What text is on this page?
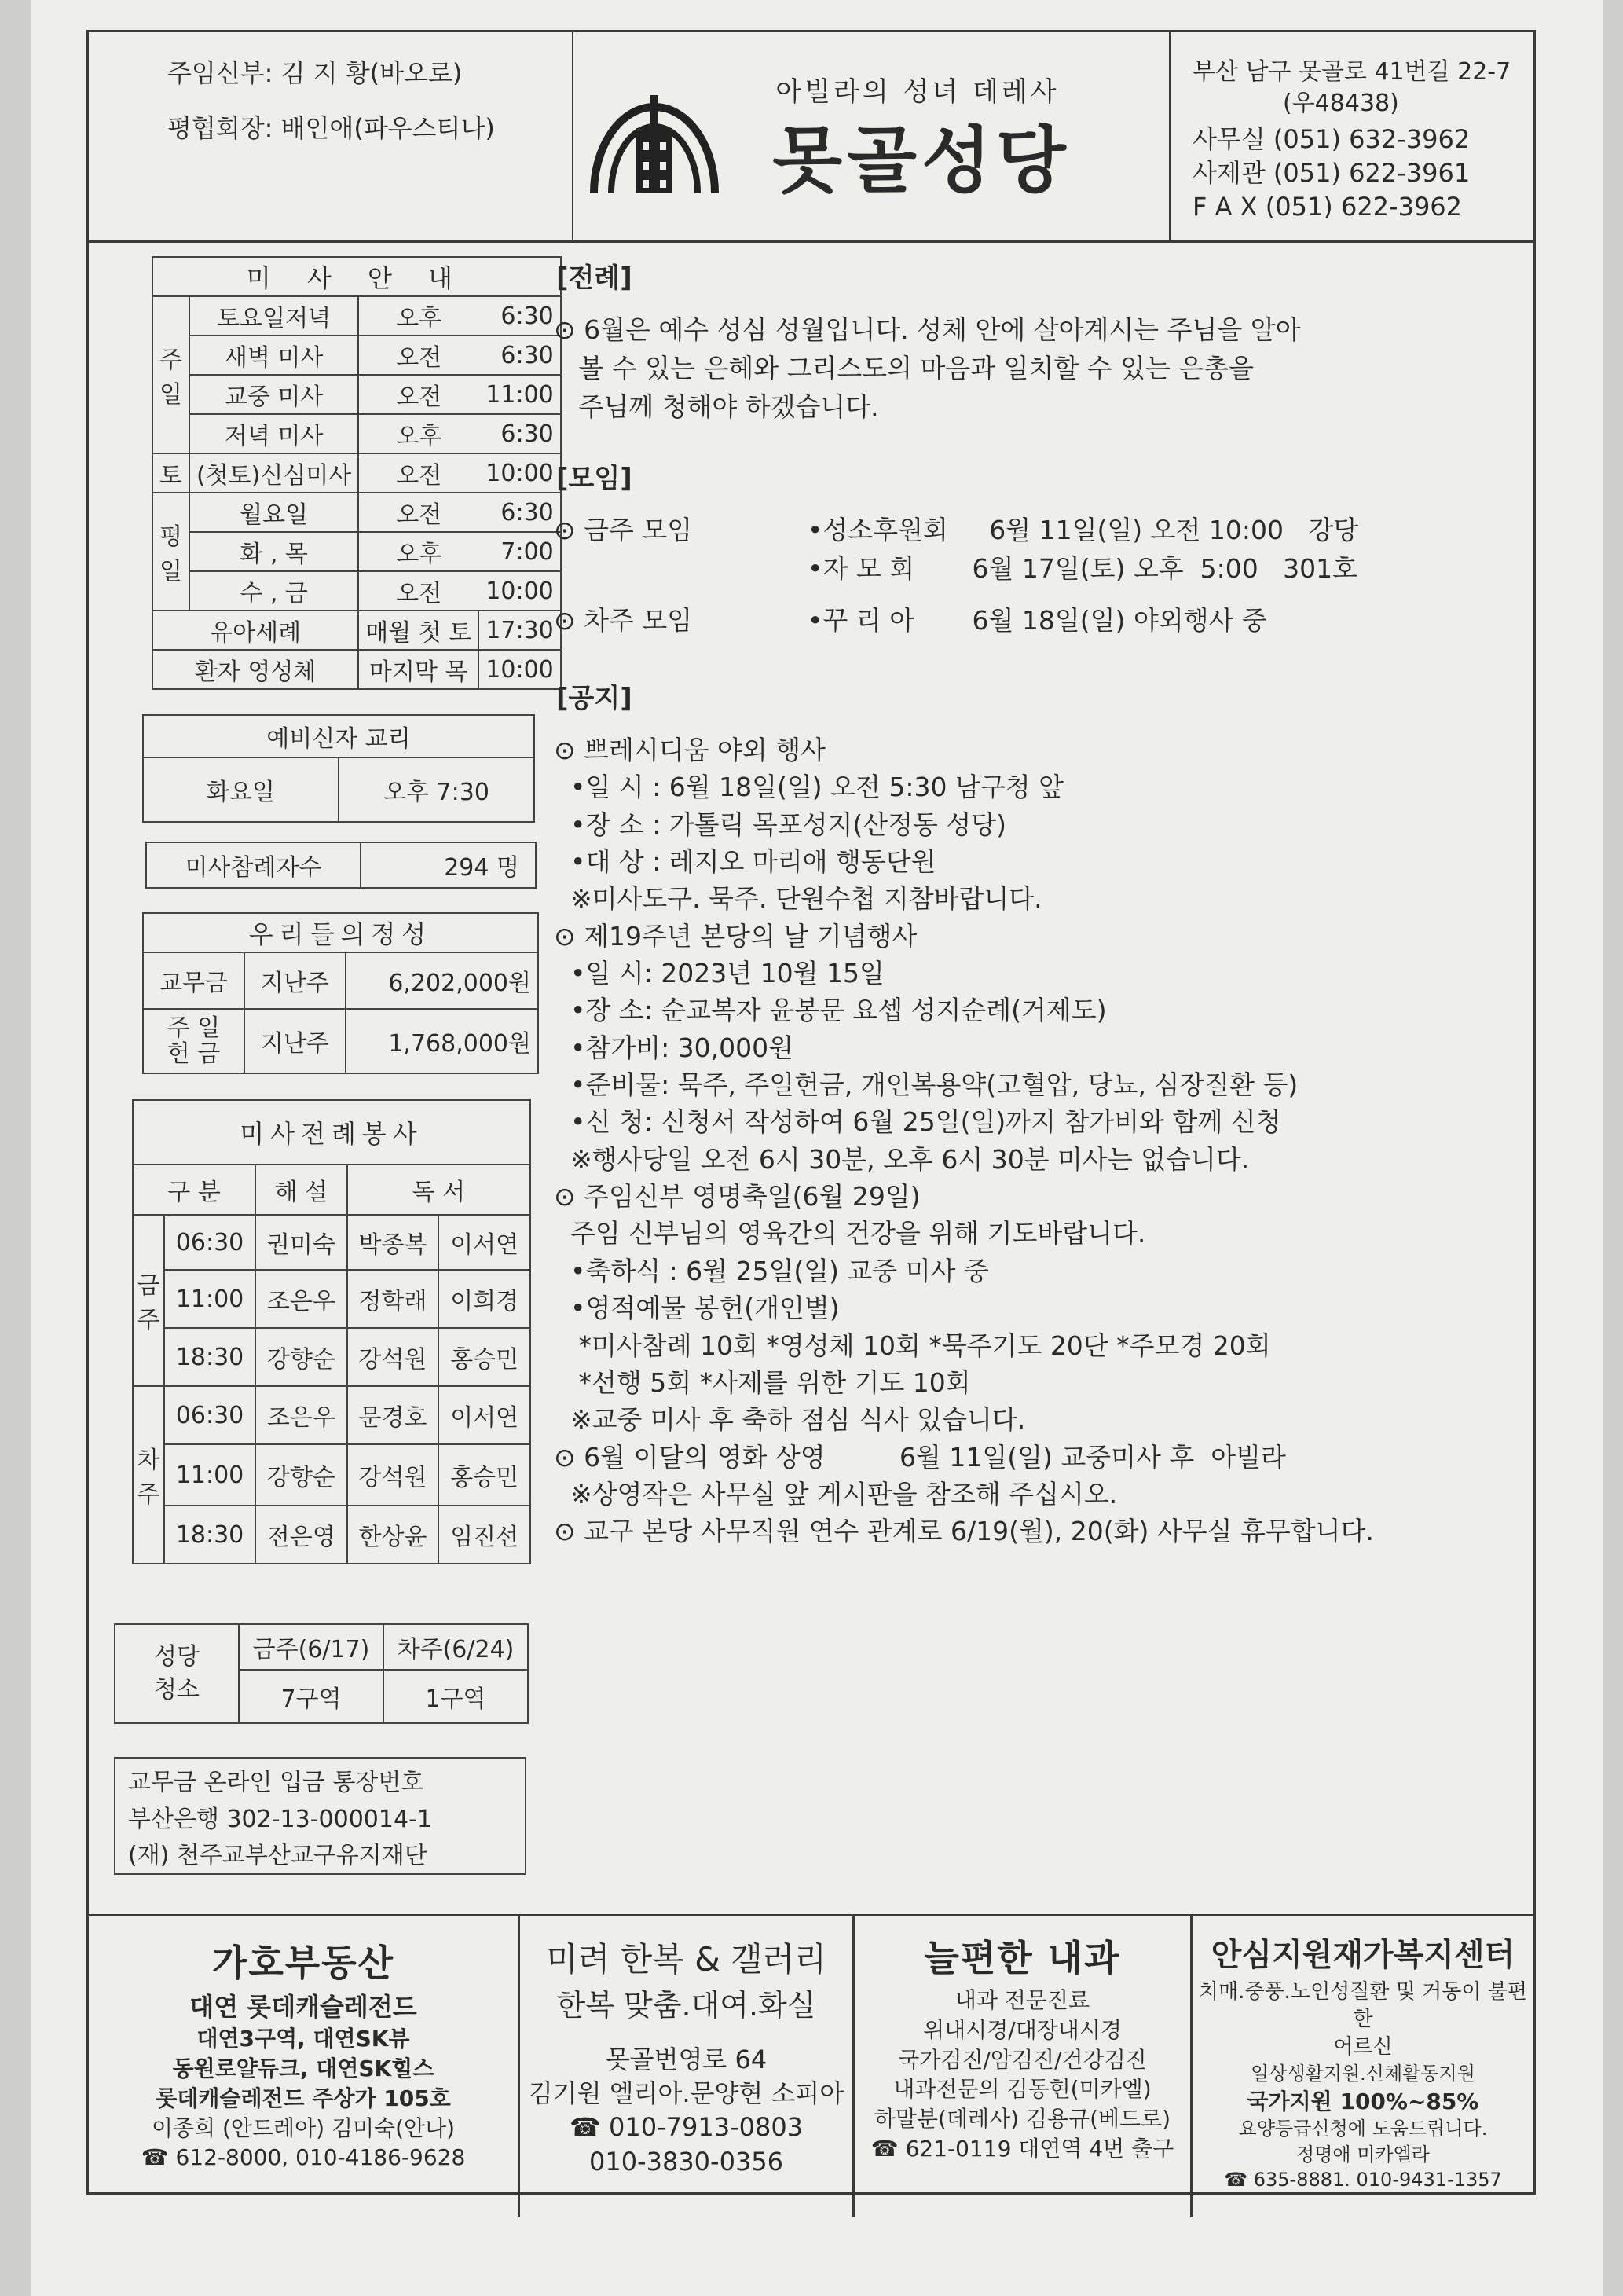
주임신부: 김 지 황(바오로)
평협회장: 배인애(파우스티나)
아빌라의 성녀 데레사
못골성당
부산 남구 못골로 41번길 22-7
(우48438)
사무실 (051) 632-3962
사제관 (051) 622-3961
F A X (051) 622-3962
미 사 안 내			
주일	토요일저녁	오후	6:30
	새벽 미사	오전	6:30
	교중 미사	오전	11:00
	저녁 미사	오후	6:30
토	(첫토)신심미사	오전	10:00
평일	월요일	오전	6:30
	화 , 목	오후	7:00
	수 , 금	오전	10:00
유아세례		매월 첫 토	17:30
환자 영성체		마지막 목	10:00
예비신자 교리
화요일	오후 7:30
미사참례자수	294 명
우리들의정성		
교무금	지난주	6,202,000원
주 일
헌 금	지난주	1,768,000원
미사전례봉사				
구 분		해 설	독 서	
금주	06:30	권미숙	박종복	이서연
	11:00	조은우	정학래	이희경
	18:30	강향순	강석원	홍승민
차주	06:30	조은우	문경호	이서연
	11:00	강향순	강석원	홍승민
	18:30	전은영	한상윤	임진선
성당
청소	금주(6/17)	차주(6/24)
	7구역	1구역
교무금 온라인 입금 통장번호
부산은행 302-13-000014-1
(재) 천주교부산교구유지재단
[전례]
⊙ 6월은 예수 성심 성월입니다. 성체 안에 살아계시는 주님을 알아
볼 수 있는 은혜와 그리스도의 마음과 일치할 수 있는 은총을
주님께 청해야 하겠습니다.
[모임]
⊙ 금주 모임	•성소후원회     6월 11일(일) 오전 10:00   강당
•자 모 회       6월 17일(토) 오후  5:00   301호
⊙ 차주 모임	•꾸 리 아       6월 18일(일) 야외행사 중
[공지]
⊙ 쁘레시디움 야외 행사
•일 시 : 6월 18일(일) 오전 5:30 남구청 앞
•장 소 : 가톨릭 목포성지(산정동 성당)
•대 상 : 레지오 마리애 행동단원
※미사도구. 묵주. 단원수첩 지참바랍니다.
⊙ 제19주년 본당의 날 기념행사
•일 시: 2023년 10월 15일
•장 소: 순교복자 윤봉문 요셉 성지순례(거제도)
•참가비: 30,000원
•준비물: 묵주, 주일헌금, 개인복용약(고혈압, 당뇨, 심장질환 등)
•신 청: 신청서 작성하여 6월 25일(일)까지 참가비와 함께 신청
※행사당일 오전 6시 30분, 오후 6시 30분 미사는 없습니다.
⊙ 주임신부 영명축일(6월 29일)
주임 신부님의 영육간의 건강을 위해 기도바랍니다.
•축하식 : 6월 25일(일) 교중 미사 중
•영적예물 봉헌(개인별)
*미사참례 10회 *영성체 10회 *묵주기도 20단 *주모경 20회
*선행 5회 *사제를 위한 기도 10회
※교중 미사 후 축하 점심 식사 있습니다.
⊙ 6월 이달의 영화 상영         6월 11일(일) 교중미사 후  아빌라
※상영작은 사무실 앞 게시판을 참조해 주십시오.
⊙ 교구 본당 사무직원 연수 관계로 6/19(월), 20(화) 사무실 휴무합니다.
가호부동산
대연 롯데캐슬레전드
대연3구역, 대연SK뷰
동원로얄듀크, 대연SK힐스
롯데캐슬레전드 주상가 105호
이종희 (안드레아) 김미숙(안나)
☎ 612-8000, 010-4186-9628
미려 한복 & 갤러리
한복 맞춤.대여.화실
못골번영로 64
김기원 엘리아.문양현 소피아
☎ 010-7913-0803
010-3830-0356
늘편한 내과
내과 전문진료
위내시경/대장내시경
국가검진/암검진/건강검진
내과전문의 김동현(미카엘)
하말분(데레사) 김용규(베드로)
☎ 621-0119 대연역 4번 출구
안심지원재가복지센터
치매.중풍.노인성질환 및 거동이 불편한
어르신
일상생활지원.신체활동지원
국가지원 100%~85%
요양등급신청에 도움드립니다.
정명애 미카엘라
☎ 635-8881. 010-9431-1357
